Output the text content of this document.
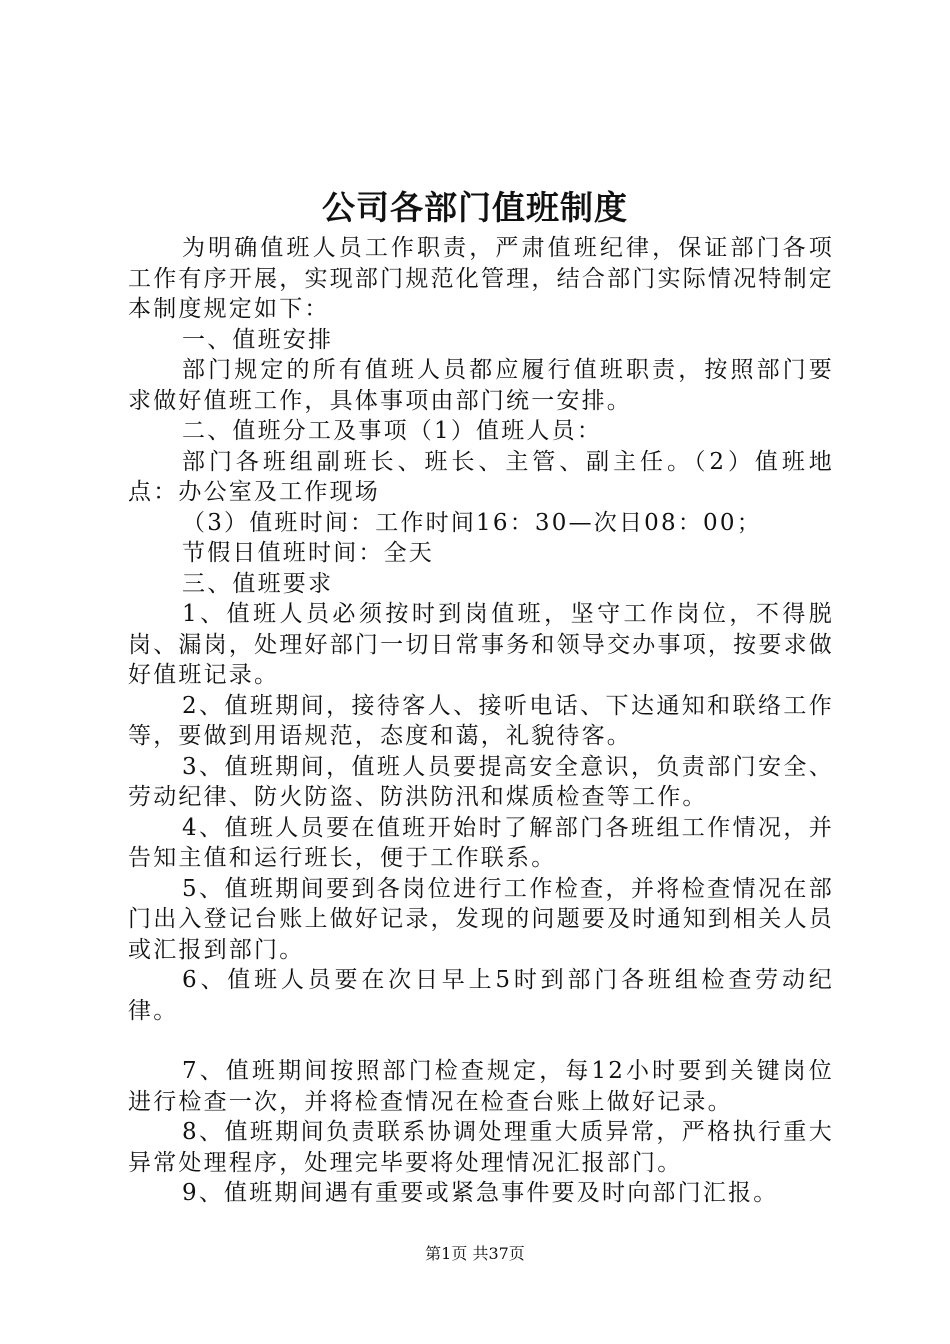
公司各部门值班制度

为明确值班人员工作职责，严肃值班纪律，保证部门各项工作有序开展，实现部门规范化管理，结合部门实际情况特制定本制度规定如下：

一、值班安排

部门规定的所有值班人员都应履行值班职责，按照部门要求做好值班工作，具体事项由部门统一安排。

二、值班分工及事项（1）值班人员：

部门各班组副班长、班长、主管、副主任。（2）值班地点：办公室及工作现场

（3）值班时间：工作时间16：30—次日08：00；

节假日值班时间：全天

三、值班要求

1、值班人员必须按时到岗值班，坚守工作岗位，不得脱岗、漏岗，处理好部门一切日常事务和领导交办事项，按要求做好值班记录。

2、值班期间，接待客人、接听电话、下达通知和联络工作等，要做到用语规范，态度和蔼，礼貌待客。

3、值班期间，值班人员要提高安全意识，负责部门安全、劳动纪律、防火防盗、防洪防汛和煤质检查等工作。

4、值班人员要在值班开始时了解部门各班组工作情况，并告知主值和运行班长，便于工作联系。

5、值班期间要到各岗位进行工作检查，并将检查情况在部门出入登记台账上做好记录，发现的问题要及时通知到相关人员或汇报到部门。

6、值班人员要在次日早上5时到部门各班组检查劳动纪律。

7、值班期间按照部门检查规定，每12小时要到关键岗位进行检查一次，并将检查情况在检查台账上做好记录。

8、值班期间负责联系协调处理重大质异常，严格执行重大异常处理程序，处理完毕要将处理情况汇报部门。

9、值班期间遇有重要或紧急事件要及时向部门汇报。

第1页 共37页
